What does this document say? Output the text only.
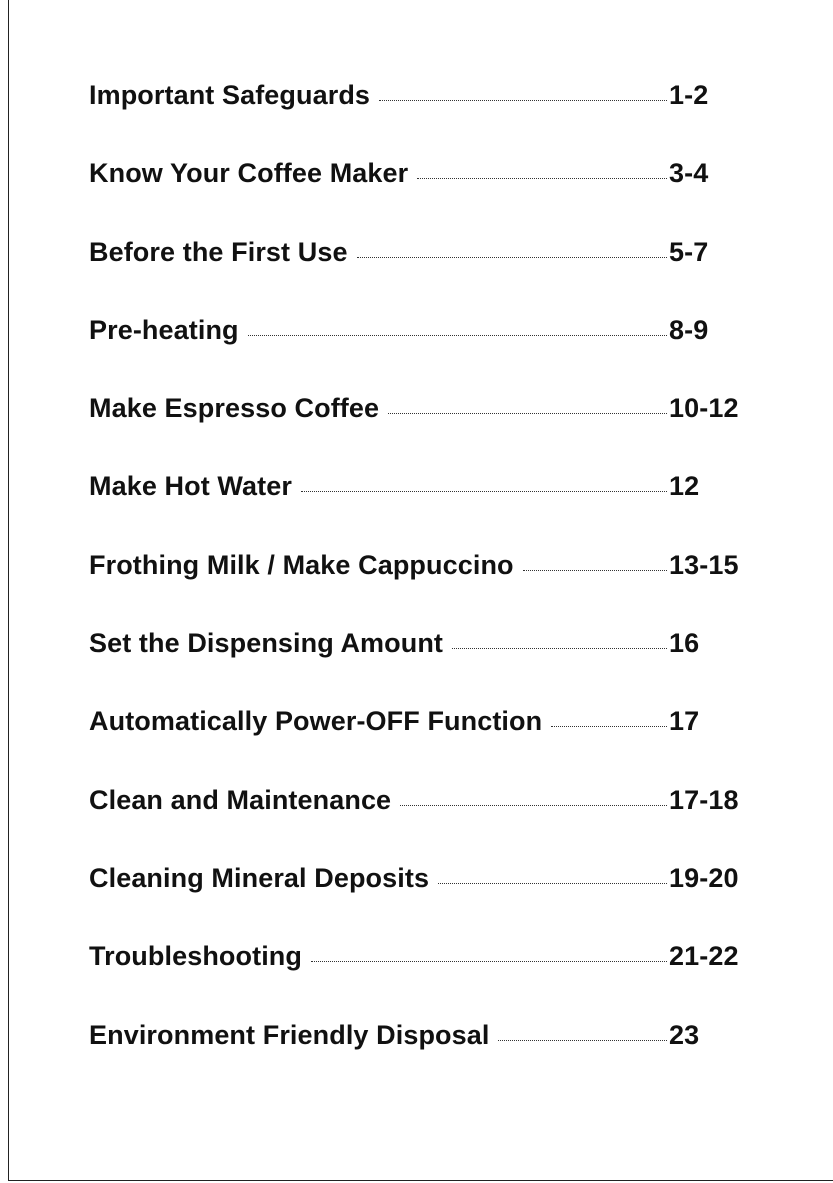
Important Safeguards	1-2
Know Your Coffee Maker	3-4
Before the First Use	5-7
Pre-heating	8-9
Make Espresso Coffee	10-12
Make Hot Water	12
Frothing Milk / Make Cappuccino	13-15
Set the Dispensing Amount	16
Automatically Power-OFF Function	17
Clean and Maintenance	17-18
Cleaning Mineral Deposits	19-20
Troubleshooting	21-22
Environment Friendly Disposal	23
